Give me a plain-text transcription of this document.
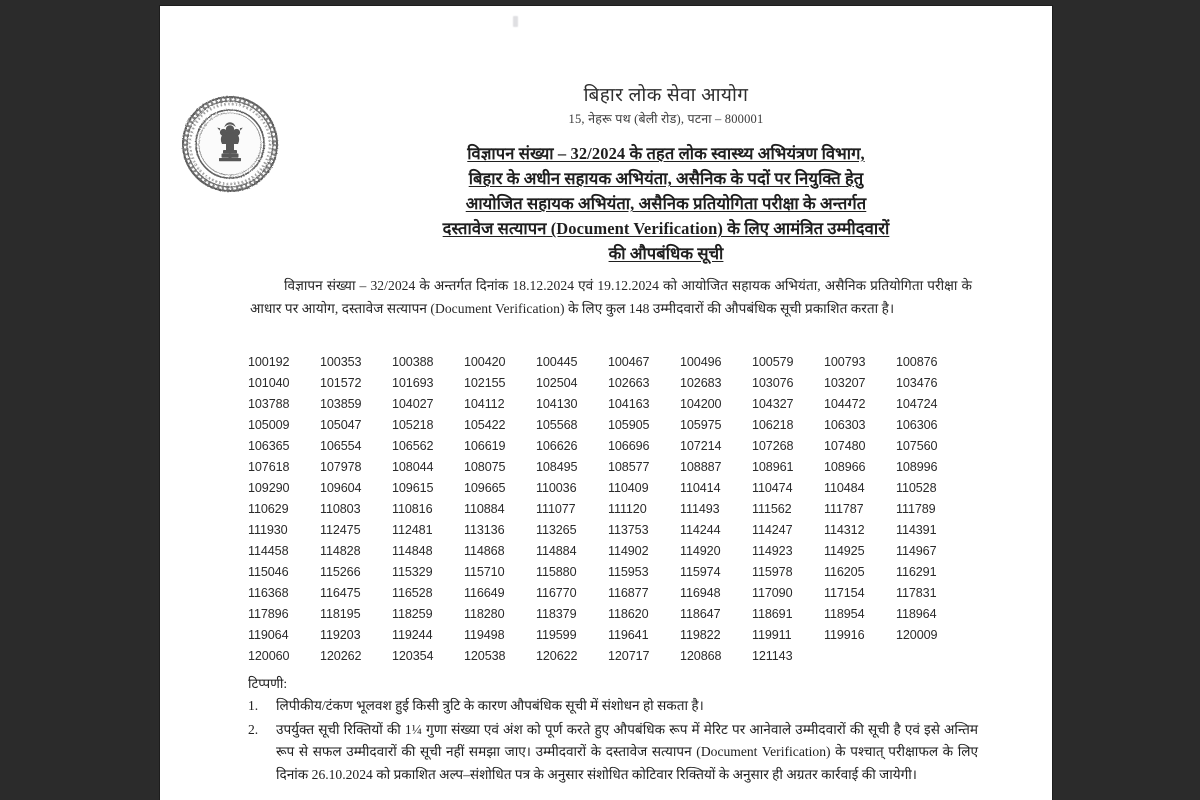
बिहार लोक सेवा आयोग
15, नेहरू पथ (बेली रोड), पटना – 800001
विज्ञापन संख्या – 32/2024 के तहत लोक स्वास्थ्य अभियंत्रण विभाग,
बिहार के अधीन सहायक अभियंता, असैनिक के पदों पर नियुक्ति हेतु
आयोजित सहायक अभियंता, असैनिक प्रतियोगिता परीक्षा के अन्तर्गत
दस्तावेज सत्यापन (Document Verification) के लिए आमंत्रित उम्मीदवारों
की औपबंधिक सूची
विज्ञापन संख्या – 32/2024 के अन्तर्गत दिनांक 18.12.2024 एवं 19.12.2024 को आयोजित सहायक अभियंता, असैनिक प्रतियोगिता परीक्षा के आधार पर आयोग, दस्तावेज सत्यापन (Document Verification) के लिए कुल 148 उम्मीदवारों की औपबंधिक सूची प्रकाशित करता है।
100192	100353	100388	100420	100445	100467	100496	100579	100793	100876
101040	101572	101693	102155	102504	102663	102683	103076	103207	103476
103788	103859	104027	104112	104130	104163	104200	104327	104472	104724
105009	105047	105218	105422	105568	105905	105975	106218	106303	106306
106365	106554	106562	106619	106626	106696	107214	107268	107480	107560
107618	107978	108044	108075	108495	108577	108887	108961	108966	108996
109290	109604	109615	109665	110036	110409	110414	110474	110484	110528
110629	110803	110816	110884	111077	111120	111493	111562	111787	111789
111930	112475	112481	113136	113265	113753	114244	114247	114312	114391
114458	114828	114848	114868	114884	114902	114920	114923	114925	114967
115046	115266	115329	115710	115880	115953	115974	115978	116205	116291
116368	116475	116528	116649	116770	116877	116948	117090	117154	117831
117896	118195	118259	118280	118379	118620	118647	118691	118954	118964
119064	119203	119244	119498	119599	119641	119822	119911	119916	120009
120060	120262	120354	120538	120622	120717	120868	121143
टिप्पणी:
1.	लिपीकीय/टंकण भूलवश हुई किसी त्रुटि के कारण औपबंधिक सूची में संशोधन हो सकता है।
2.	उपर्युक्त सूची रिक्तियों की 1¼ गुणा संख्या एवं अंश को पूर्ण करते हुए औपबंधिक रूप में मेरिट पर आनेवाले उम्मीदवारों की सूची है एवं इसे अन्तिम रूप से सफल उम्मीदवारों की सूची नहीं समझा जाए। उम्मीदवारों के दस्तावेज सत्यापन (Document Verification) के पश्चात् परीक्षाफल के लिए दिनांक 26.10.2024 को प्रकाशित अल्प–संशोधित पत्र के अनुसार संशोधित कोटिवार रिक्तियों के अनुसार ही अग्रतर कार्रवाई की जायेगी।
